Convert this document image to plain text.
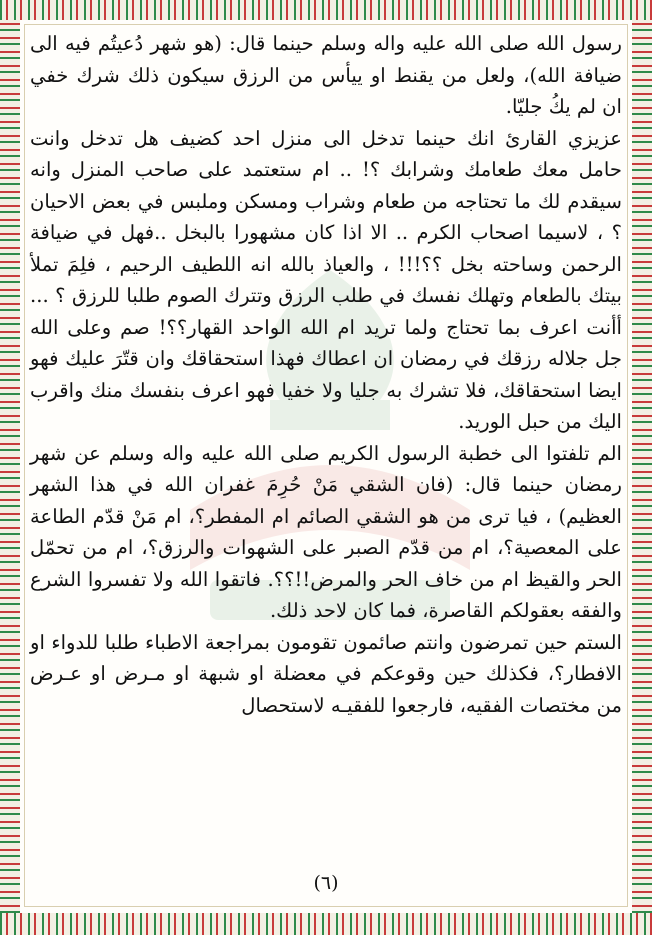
رسول الله صلى الله عليه واله وسلم حينما قال: (هو شهر دُعيتُم فيه الى ضيافة الله)، ولعل من يقنط او ييأس من الرزق سيكون ذلك شرك خفي ان لم يكُ جليّا.

عزيزي القارئ انك حينما تدخل الى منزل احد كضيف هل تدخل وانت حامل معك طعامك وشرابك ؟! .. ام ستعتمد على صاحب المنزل وانه سيقدم لك ما تحتاجه من طعام وشراب ومسكن وملبس في بعض الاحيان ؟ ، لاسيما اصحاب الكرم .. الا اذا كان مشهورا بالبخل ..فهل في ضيافة الرحمن وساحته بخل ؟؟!!! ، والعياذ بالله انه اللطيف الرحيم ، فلِمَ تملأ بيتك بالطعام وتهلك نفسك في طلب الرزق وتترك الصوم طلبا للرزق ؟ ... أأنت اعرف بما تحتاج ولما تريد ام الله الواحد القهار؟؟! صم وعلى الله جل جلاله رزقك في رمضان ان اعطاك فهذا استحقاقك وان قتّرَ عليك فهو ايضا استحقاقك، فلا تشرك به جليا ولا خفيا فهو اعرف بنفسك منك واقرب اليك من حبل الوريد.

الم تلفتوا الى خطبة الرسول الكريم صلى الله عليه واله وسلم عن شهر رمضان حينما قال: (فان الشقي مَنْ حُرِمَ غفران الله في هذا الشهر العظيم) ، فيا ترى من هو الشقي الصائم ام المفطر؟، ام مَنْ قدّم الطاعة على المعصية؟، ام من قدّم الصبر على الشهوات والرزق؟، ام من تحمّل الحر والقيظ ام من خاف الحر والمرض!!؟؟. فاتقوا الله ولا تفسروا الشرع والفقه بعقولكم القاصرة، فما كان لاحد ذلك.

الستم حين تمرضون وانتم صائمون تقومون بمراجعة الاطباء طلبا للدواء او الافطار؟، فكذلك حين وقوعكم في معضلة او شبهة او مـرض او عـرض من مختصات الفقيه، فارجعوا للفقيـه لاستحصال

(٦)
